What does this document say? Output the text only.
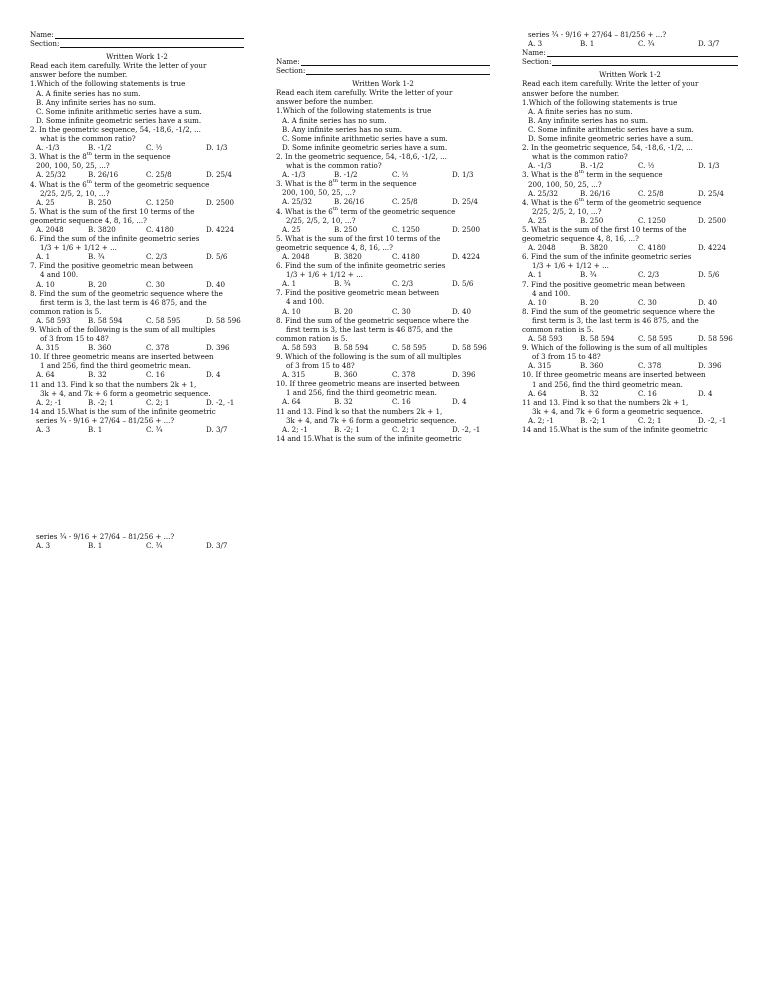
Name:
Section:
Written Work 1-2
Read each item carefully. Write the letter of your
answer before the number.
1.Which of the following statements is true
A. A finite series has no sum.
B. Any infinite series has no sum.
C. Some infinite arithmetic series have a sum.
D. Some infinite geometric series have a sum.
2. In the geometric sequence, 54, -18,6, -1/2, ...
what is the common ratio?
A. -1/3	B. -1/2	C. ½	D. 1/3
3. What is the 8th term in the sequence
200, 100, 50, 25, ...?
A. 25/32	B. 26/16	C. 25/8	D. 25/4
4. What is the 6th term of the geometric sequence
2/25, 2/5, 2, 10, ...?
A. 25	B. 250	C. 1250	D. 2500
5. What is the sum of the first 10 terms of the
geometric sequence 4, 8, 16, ...?
A. 2048	B. 3820	C. 4180	D. 4224
6. Find the sum of the infinite geometric series
1/3 + 1/6 + 1/12 + ...
A. 1	B. ¾	C. 2/3	D. 5/6
7. Find the positive geometric mean between
4 and 100.
A. 10	B. 20	C. 30	D. 40
8. Find the sum of the geometric sequence where the
first term is 3, the last term is 46 875, and the
common ration is 5.
A. 58 593	B. 58 594	C. 58 595	D. 58 596
9. Which of the following is the sum of all multiples
of 3 from 15 to 48?
A. 315	B. 360	C. 378	D. 396
10. If three geometric means are inserted between
1 and 256, find the third geometric mean.
A. 64	B. 32	C. 16	D. 4
11 and 13. Find k so that the numbers 2k + 1,
3k + 4, and 7k + 6 form a geometric sequence.
A. 2; -1	B. -2; 1	C. 2; 1	D. -2, -1
14 and 15.What is the sum of the infinite geometric
series ¾ - 9/16 + 27/64 – 81/256 + ...?
A. 3	B. 1	C. ¾	D. 3/7
series ¾ - 9/16 + 27/64 – 81/256 + ...?
A. 3	B. 1	C. ¾	D. 3/7
Name:
Section:
Written Work 1-2
Read each item carefully. Write the letter of your
answer before the number.
1.Which of the following statements is true
A. A finite series has no sum.
B. Any infinite series has no sum.
C. Some infinite arithmetic series have a sum.
D. Some infinite geometric series have a sum.
2. In the geometric sequence, 54, -18,6, -1/2, ...
what is the common ratio?
A. -1/3	B. -1/2	C. ½	D. 1/3
3. What is the 8th term in the sequence
200, 100, 50, 25, ...?
A. 25/32	B. 26/16	C. 25/8	D. 25/4
4. What is the 6th term of the geometric sequence
2/25, 2/5, 2, 10, ...?
A. 25	B. 250	C. 1250	D. 2500
5. What is the sum of the first 10 terms of the
geometric sequence 4, 8, 16, ...?
A. 2048	B. 3820	C. 4180	D. 4224
6. Find the sum of the infinite geometric series
1/3 + 1/6 + 1/12 + ...
A. 1	B. ¾	C. 2/3	D. 5/6
7. Find the positive geometric mean between
4 and 100.
A. 10	B. 20	C. 30	D. 40
8. Find the sum of the geometric sequence where the
first term is 3, the last term is 46 875, and the
common ration is 5.
A. 58 593	B. 58 594	C. 58 595	D. 58 596
9. Which of the following is the sum of all multiples
of 3 from 15 to 48?
A. 315	B. 360	C. 378	D. 396
10. If three geometric means are inserted between
1 and 256, find the third geometric mean.
A. 64	B. 32	C. 16	D. 4
11 and 13. Find k so that the numbers 2k + 1,
3k + 4, and 7k + 6 form a geometric sequence.
A. 2; -1	B. -2; 1	C. 2; 1	D. -2, -1
14 and 15.What is the sum of the infinite geometric
series ¾ - 9/16 + 27/64 – 81/256 + ...?
A. 3	B. 1	C. ¾	D. 3/7
Name:
Section:
Written Work 1-2
Read each item carefully. Write the letter of your
answer before the number.
1.Which of the following statements is true
A. A finite series has no sum.
B. Any infinite series has no sum.
C. Some infinite arithmetic series have a sum.
D. Some infinite geometric series have a sum.
2. In the geometric sequence, 54, -18,6, -1/2, ...
what is the common ratio?
A. -1/3	B. -1/2	C. ½	D. 1/3
3. What is the 8th term in the sequence
200, 100, 50, 25, ...?
A. 25/32	B. 26/16	C. 25/8	D. 25/4
4. What is the 6th term of the geometric sequence
2/25, 2/5, 2, 10, ...?
A. 25	B. 250	C. 1250	D. 2500
5. What is the sum of the first 10 terms of the
geometric sequence 4, 8, 16, ...?
A. 2048	B. 3820	C. 4180	D. 4224
6. Find the sum of the infinite geometric series
1/3 + 1/6 + 1/12 + ...
A. 1	B. ¾	C. 2/3	D. 5/6
7. Find the positive geometric mean between
4 and 100.
A. 10	B. 20	C. 30	D. 40
8. Find the sum of the geometric sequence where the
first term is 3, the last term is 46 875, and the
common ration is 5.
A. 58 593	B. 58 594	C. 58 595	D. 58 596
9. Which of the following is the sum of all multiples
of 3 from 15 to 48?
A. 315	B. 360	C. 378	D. 396
10. If three geometric means are inserted between
1 and 256, find the third geometric mean.
A. 64	B. 32	C. 16	D. 4
11 and 13. Find k so that the numbers 2k + 1,
3k + 4, and 7k + 6 form a geometric sequence.
A. 2; -1	B. -2; 1	C. 2; 1	D. -2, -1
14 and 15.What is the sum of the infinite geometric
